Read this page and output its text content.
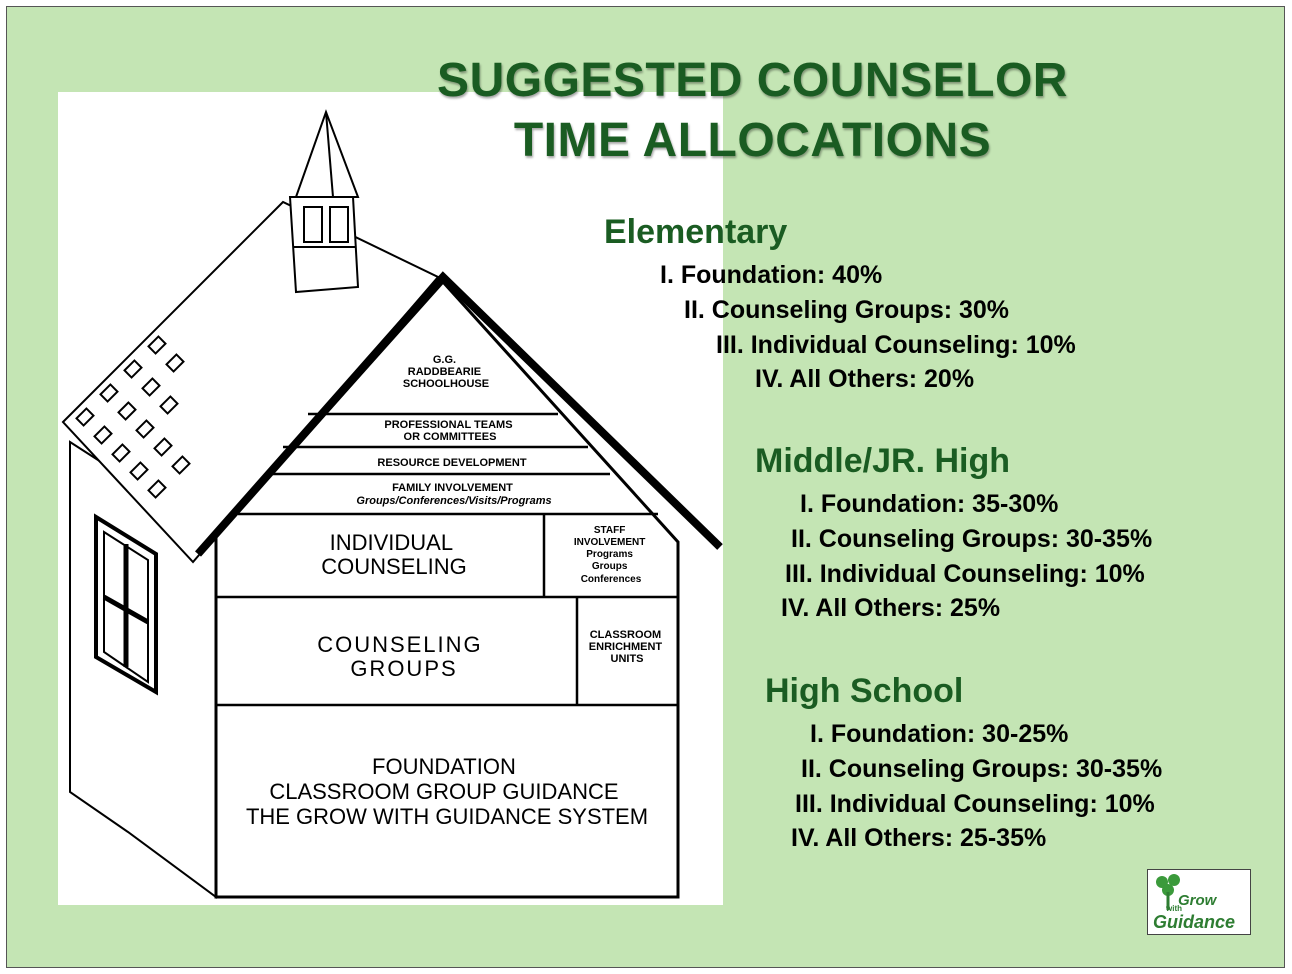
G.G. RADDBEARIE SCHOOLHOUSE
PROFESSIONAL TEAMS OR COMMITTEES
RESOURCE DEVELOPMENT
FAMILY INVOLVEMENT Groups/Conferences/Visits/Programs
INDIVIDUAL COUNSELING
STAFF INVOLVEMENT Programs Groups Conferences
COUNSELING GROUPS
CLASSROOM ENRICHMENT UNITS
FOUNDATION CLASSROOM GROUP GUIDANCE THE GROW WITH GUIDANCE SYSTEM
SUGGESTED COUNSELOR
TIME ALLOCATIONS
Elementary
I. Foundation: 40%
II. Counseling Groups: 30%
III. Individual Counseling: 10%
IV. All Others: 20%
Middle/JR. High
I. Foundation: 35-30%
II. Counseling Groups: 30-35%
III. Individual Counseling: 10%
IV. All Others: 25%
High School
I. Foundation: 30-25%
II. Counseling Groups: 30-35%
III. Individual Counseling: 10%
IV. All Others: 25-35%
Grow
with
Guidance
